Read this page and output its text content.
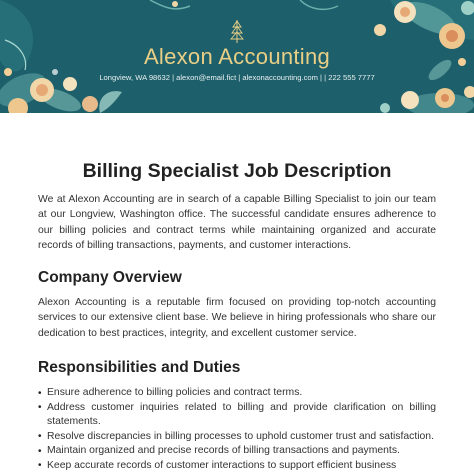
Alexon Accounting
Longview, WA 98632 | alexon@email.fict | alexonaccounting.com | | 222 555 7777
Billing Specialist Job Description
We at Alexon Accounting are in search of a capable Billing Specialist to join our team at our Longview, Washington office. The successful candidate ensures adherence to our billing policies and contract terms while maintaining organized and accurate records of billing transactions, payments, and customer interactions.
Company Overview
Alexon Accounting is a reputable firm focused on providing top-notch accounting services to our extensive client base. We believe in hiring professionals who share our dedication to best practices, integrity, and excellent customer service.
Responsibilities and Duties
• Ensure adherence to billing policies and contract terms.
• Address customer inquiries related to billing and provide clarification on billing statements.
• Resolve discrepancies in billing processes to uphold customer trust and satisfaction.
• Maintain organized and precise records of billing transactions and payments.
• Keep accurate records of customer interactions to support efficient business
